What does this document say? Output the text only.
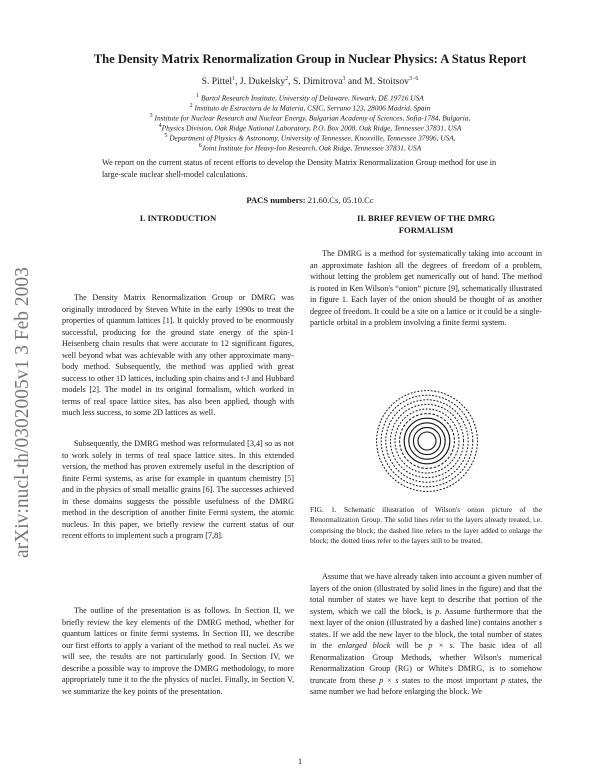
arXiv:nucl-th/0302005v1 3 Feb 2003
The Density Matrix Renormalization Group in Nuclear Physics: A Status Report
S. Pittel$^1$, J. Dukelsky$^2$, S. Dimitrova$^3$ and M. Stoitsov$^{3-6}$
$^1$ Bartol Research Institute, University of Delaware, Newark, DE 19716 USA
$^2$ Instituto de Estructura de la Materia, CSIC, Serrano 123, 28006 Madrid, Spain
$^3$ Institute for Nuclear Research and Nuclear Energy, Bulgarian Academy of Sciences, Sofia-1784, Bulgaria,
$^4$Physics Division, Oak Ridge National Laboratory, P.O. Box 2008, Oak Ridge, Tennessee 37831, USA
$^5$ Department of Physics & Astronomy, University of Tennessee, Knoxville, Tennessee 37996, USA,
$^6$Joint Institute for Heavy-Ion Research, Oak Ridge, Tennessee 37831, USA
We report on the current status of recent efforts to develop the Density Matrix Renormalization Group method for use in large-scale nuclear shell-model calculations.
PACS numbers: 21.60.Cs, 05.10.Cc
I. INTRODUCTION

The Density Matrix Renormalization Group or DMRG was originally introduced by Steven White in the early 1990s to treat the properties of quantum lattices [1]. It quickly proved to be enormously successful, producing for the ground state energy of the spin-1 Heisenberg chain results that were accurate to 12 significant figures, well beyond what was achievable with any other approximate many-body method. Subsequently, the method was applied with great success to other 1D lattices, including spin chains and t-J and Hubbard models [2]. The model in its original formalism, which worked in terms of real space lattice sites, has also been applied, though with much less success, to some 2D lattices as well.

Subsequently, the DMRG method was reformulated [3,4] so as not to work solely in terms of real space lattice sites. In this extended version, the method has proven extremely useful in the description of finite Fermi systems, as arise for example in quantum chemistry [5] and in the physics of small metallic grains [6]. The successes achieved in these domains suggests the possible usefulness of the DMRG method in the description of another finite Fermi system, the atomic nucleus. In this paper, we briefly review the current status of our recent efforts to implement such a program [7,8].

The outline of the presentation is as follows. In Section II, we briefly review the key elements of the DMRG method, whether for quantum lattices or finite fermi systems. In Section III, we describe our first efforts to apply a variant of the method to real nuclei. As we will see, the results are not particularly good. In Section IV, we describe a possible way to improve the DMRG methodology, to more appropriately tune it to the the physics of nuclei. Finally, in Section V, we summarize the key points of the presentation.

II. BRIEF REVIEW OF THE DMRG
FORMALISM

The DMRG is a method for systematically taking into account in an approximate fashion all the degrees of freedom of a problem, without letting the problem get numerically out of hand. The method is rooted in Ken Wilson's “onion” picture [9], schematically illustrated in figure 1. Each layer of the onion should be thought of as another degree of freedom. It could be a site on a lattice or it could be a single-particle orbital in a problem involving a finite fermi system.

FIG. 1. Schematic illustration of Wilson's onion picture of the Renormalization Group. The solid lines refer to the layers already treated, i.e. comprising the block; the dashed line refers to the layer added to enlarge the block; the dotted lines refer to the layers still to be treated.

Assume that we have already taken into account a given number of layers of the onion (illustrated by solid lines in the figure) and that the total number of states we have kept to describe that portion of the system, which we call the block, is p. Assume furthermore that the next layer of the onion (illustrated by a dashed line) contains another s states. If we add the new layer to the block, the total number of states in the enlarged block will be p × s. The basic idea of all Renormalization Group Methods, whether Wilson's numerical Renormalization Group (RG) or White's DMRG, is to somehow truncate from these p × s states to the most important p states, the same number we had before enlarging the block. We

1
